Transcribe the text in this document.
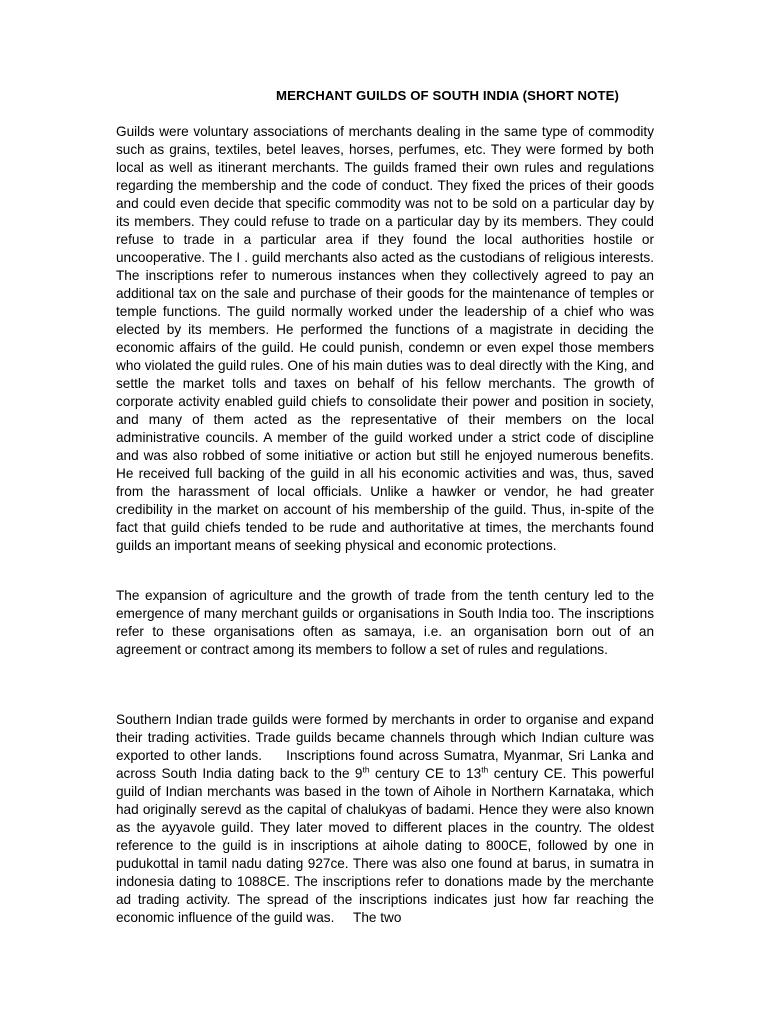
MERCHANT GUILDS OF SOUTH INDIA (SHORT NOTE)

Guilds were voluntary associations of merchants dealing in the same type of commodity such as grains, textiles, betel leaves, horses, perfumes, etc. They were formed by both local as well as itinerant merchants. The guilds framed their own rules and regulations regarding the membership and the code of conduct. They fixed the prices of their goods and could even decide that specific commodity was not to be sold on a particular day by its members. They could refuse to trade on a particular day by its members. They could refuse to trade in a particular area if they found the local authorities hostile or uncooperative. The I . guild merchants also acted as the custodians of religious interests. The inscriptions refer to numerous instances when they collectively agreed to pay an additional tax on the sale and purchase of their goods for the maintenance of temples or temple functions. The guild normally worked under the leadership of a chief who was elected by its members. He performed the functions of a magistrate in deciding the economic affairs of the guild. He could punish, condemn or even expel those members who violated the guild rules. One of his main duties was to deal directly with the King, and settle the market tolls and taxes on behalf of his fellow merchants. The growth of corporate activity enabled guild chiefs to consolidate their power and position in society, and many of them acted as the representative of their members on the local administrative councils. A member of the guild worked under a strict code of discipline and was also robbed of some initiative or action but still he enjoyed numerous benefits. He received full backing of the guild in all his economic activities and was, thus, saved from the harassment of local officials. Unlike a hawker or vendor, he had greater credibility in the market on account of his membership of the guild. Thus, in-spite of the fact that guild chiefs tended to be rude and authoritative at times, the merchants found guilds an important means of seeking physical and economic protections.

The expansion of agriculture and the growth of trade from the tenth century led to the emergence of many merchant guilds or organisations in South India too. The inscriptions refer to these organisations often as samaya, i.e. an organisation born out of an agreement or contract among its members to follow a set of rules and regulations.

Southern Indian trade guilds were formed by merchants in order to organise and expand their trading activities. Trade guilds became channels through which Indian culture was exported to other lands.     Inscriptions found across Sumatra, Myanmar, Sri Lanka and across South India dating back to the 9th century CE to 13th century CE. This powerful guild of Indian merchants was based in the town of Aihole in Northern Karnataka, which had originally serevd as the capital of chalukyas of badami. Hence they were also known as the ayyavole guild. They later moved to different places in the country. The oldest reference to the guild is in inscriptions at aihole dating to 800CE, followed by one in pudukottal in tamil nadu dating 927ce. There was also one found at barus, in sumatra in indonesia dating to 1088CE. The inscriptions refer to donations made by the merchante ad trading activity. The spread of the inscriptions indicates just how far reaching the economic influence of the guild was.     The two
